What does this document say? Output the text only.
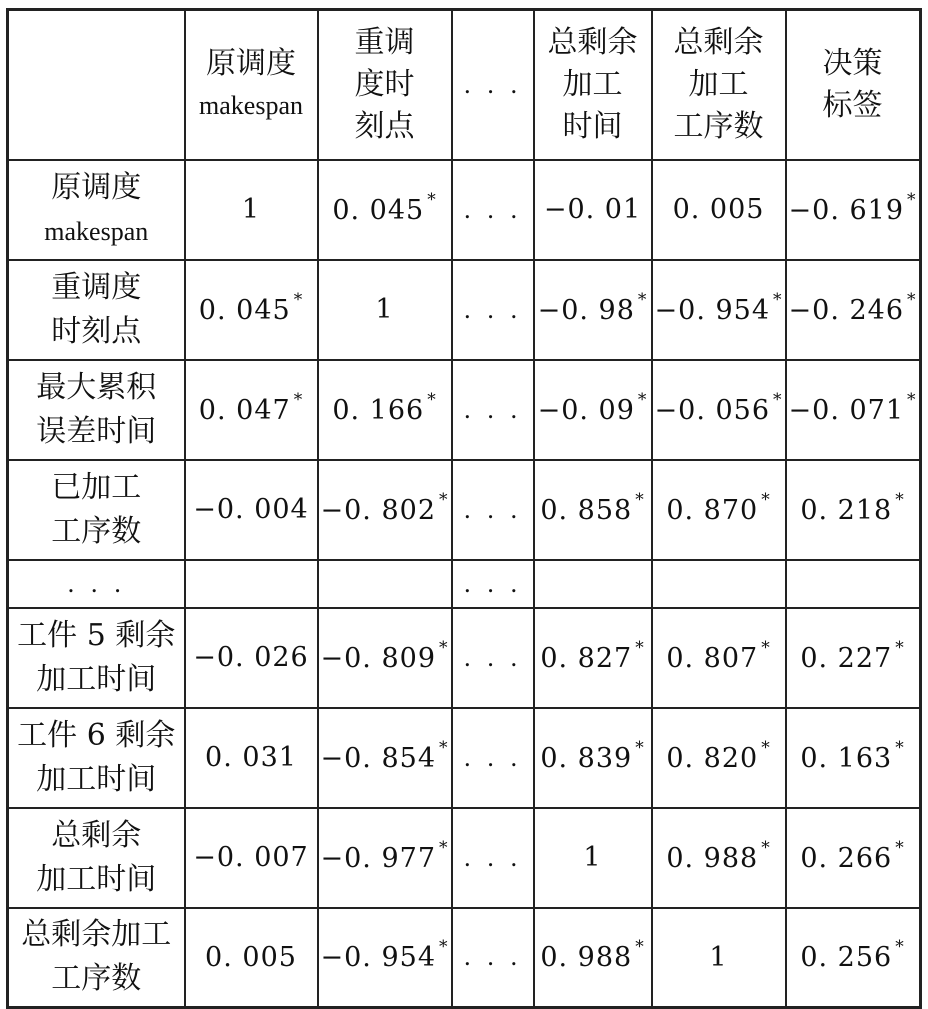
	原调度
makespan	重调
度时
刻点	. . .	总剩余
加工
时间	总剩余
加工
工序数	决策
标签

原调度
makespan	1	0. 045 *	. . .	−0. 01	0. 005	−0. 619 *

重调度
时刻点	0. 045 *	1	. . .	−0. 98 *	−0. 954 *	−0. 246 *

最大累积
误差时间	0. 047 *	0. 166 *	. . .	−0. 09 *	−0. 056 *	−0. 071 *

已加工
工序数	−0. 004	−0. 802 *	. . .	0. 858 *	0. 870 *	0. 218 *

. . .			. . .			

工件 5 剩余
加工时间	−0. 026	−0. 809 *	. . .	0. 827 *	0. 807 *	0. 227 *

工件 6 剩余
加工时间	0. 031	−0. 854 *	. . .	0. 839 *	0. 820 *	0. 163 *

总剩余
加工时间	−0. 007	−0. 977 *	. . .	1	0. 988 *	0. 266 *

总剩余加工
工序数	0. 005	−0. 954 *	. . .	0. 988 *	1	0. 256 *
